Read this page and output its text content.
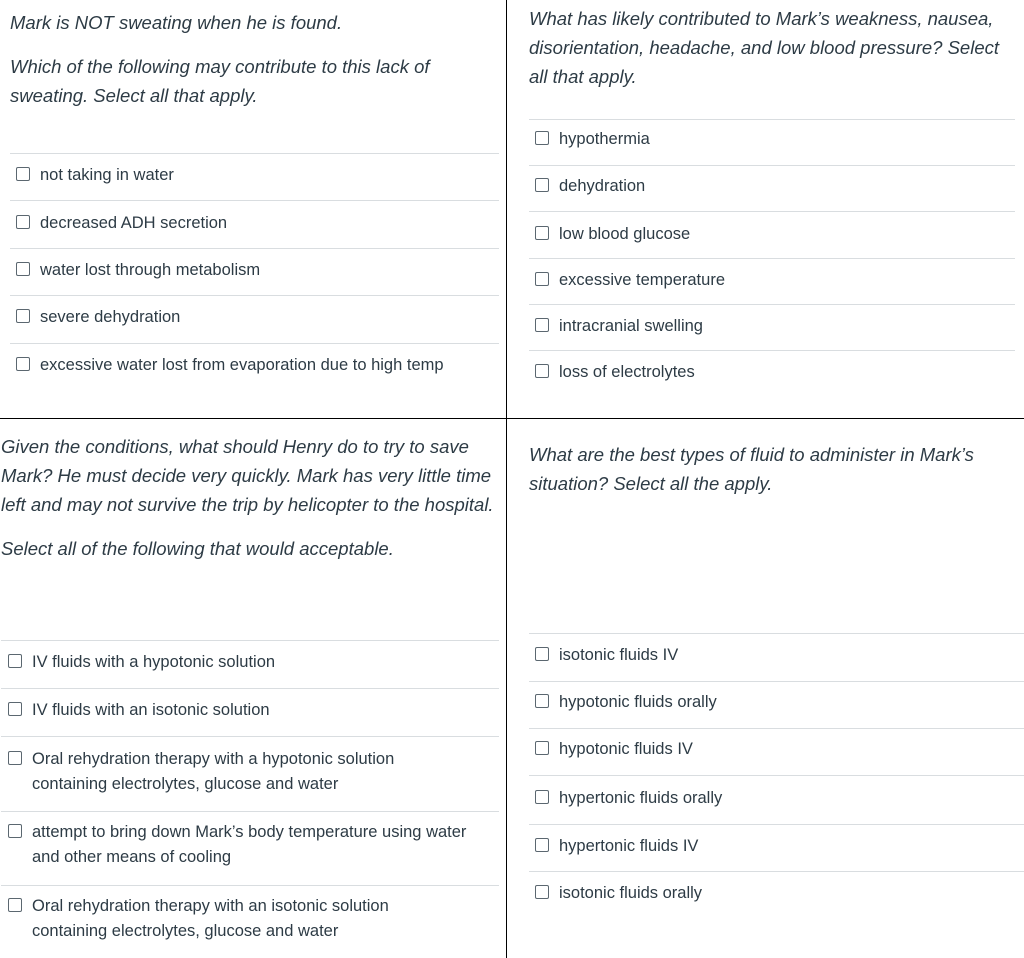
Mark is NOT sweating when he is found.

Which of the following may contribute to this lack of sweating. Select all that apply.

not taking in water
decreased ADH secretion
water lost through metabolism
severe dehydration
excessive water lost from evaporation due to high temp

What has likely contributed to Mark’s weakness, nausea, disorientation, headache, and low blood pressure? Select all that apply.

hypothermia
dehydration
low blood glucose
excessive temperature
intracranial swelling
loss of electrolytes

Given the conditions, what should Henry do to try to save Mark? He must decide very quickly. Mark has very little time left and may not survive the trip by helicopter to the hospital.

Select all of the following that would acceptable.

IV fluids with a hypotonic solution
IV fluids with an isotonic solution
Oral rehydration therapy with a hypotonic solution containing electrolytes, glucose and water
attempt to bring down Mark’s body temperature using water and other means of cooling
Oral rehydration therapy with an isotonic solution containing electrolytes, glucose and water

What are the best types of fluid to administer in Mark’s situation? Select all the apply.

isotonic fluids IV
hypotonic fluids orally
hypotonic fluids IV
hypertonic fluids orally
hypertonic fluids IV
isotonic fluids orally
